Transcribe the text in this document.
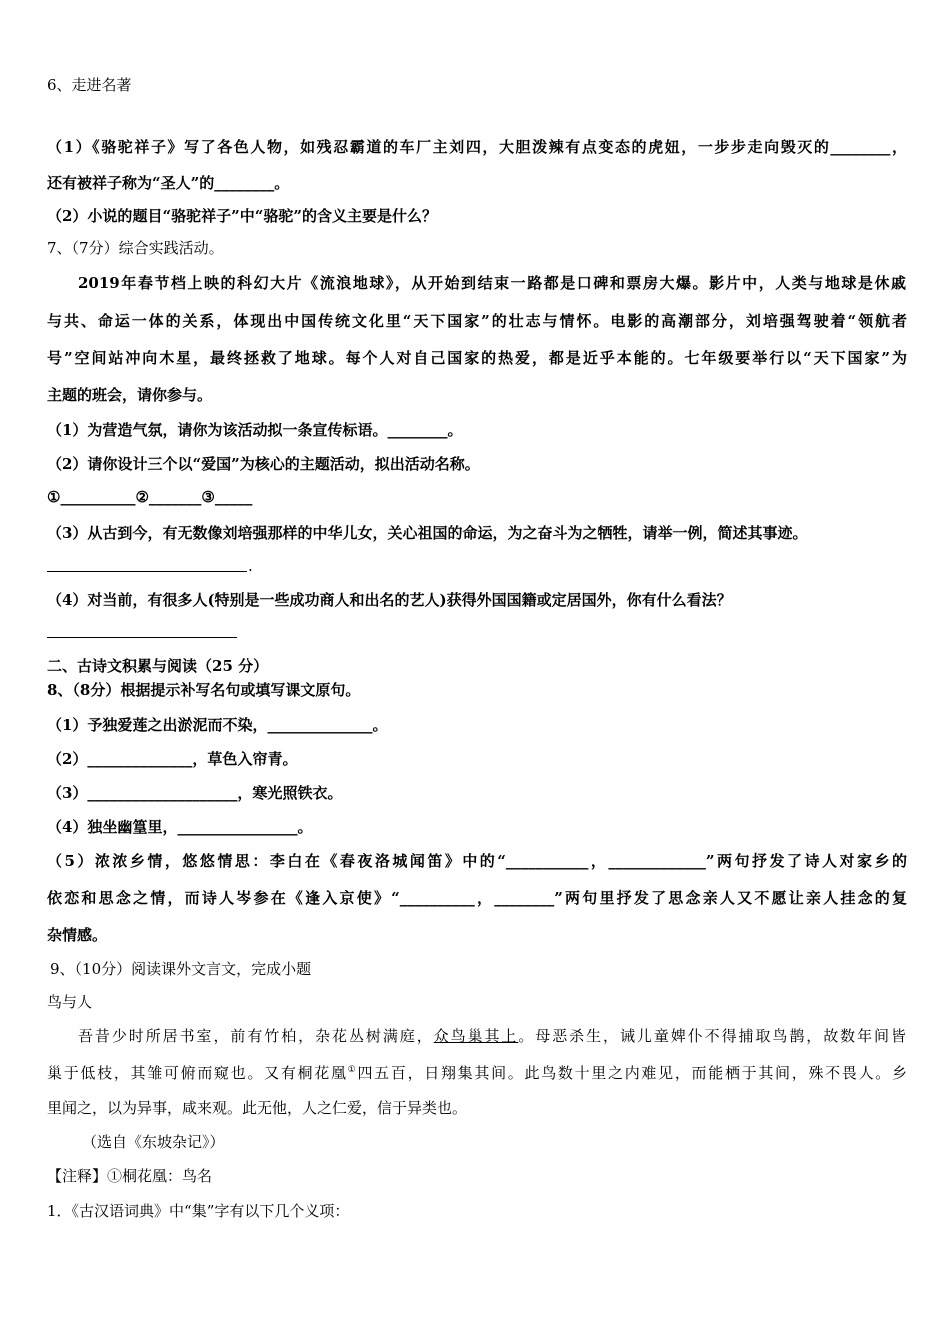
6、走进名著
（1）《骆驼祥子》写了各色人物，如残忍霸道的车厂主刘四，大胆泼辣有点变态的虎妞，一步步走向毁灭的________，
还有被祥子称为“圣人”的________。
（2）小说的题目“骆驼祥子”中“骆驼”的含义主要是什么？
7、（7分）综合实践活动。
2019年春节档上映的科幻大片《流浪地球》，从开始到结束一路都是口碑和票房大爆。影片中，人类与地球是休戚
与共、命运一体的关系，体现出中国传统文化里“天下国家”的壮志与情怀。电影的高潮部分，刘培强驾驶着“领航者
号”空间站冲向木星，最终拯救了地球。每个人对自己国家的热爱，都是近乎本能的。七年级要举行以“天下国家”为
主题的班会，请你参与。
（1）为营造气氛，请你为该活动拟一条宣传标语。________。
（2）请你设计三个以“爱国”为核心的主题活动，拟出活动名称。
①__________②_______③_____
（3）从古到今，有无数像刘培强那样的中华儿女，关心祖国的命运，为之奋斗为之牺牲，请举一例，简述其事迹。
.
（4）对当前，有很多人(特别是一些成功商人和出名的艺人)获得外国国籍或定居国外，你有什么看法？
二、古诗文积累与阅读（25 分）
8、（8分）根据提示补写名句或填写课文原句。
（1）予独爱莲之出淤泥而不染，______________。
（2）______________，草色入帘青。
（3）____________________，寒光照铁衣。
（4）独坐幽篁里，________________。
（5）浓浓乡情，悠悠情思：李白在《春夜洛城闻笛》中的“___________，_____________”两句抒发了诗人对家乡的
依恋和思念之情，而诗人岑参在《逢入京使》“__________，________”两句里抒发了思念亲人又不愿让亲人挂念的复
杂情感。
9、（10分）阅读课外文言文，完成小题
鸟与人
吾昔少时所居书室，前有竹柏，杂花丛树满庭，众鸟巢其上。母恶杀生，诫儿童婢仆不得捕取鸟鹊，故数年间皆
巢于低枝，其雏可俯而窥也。又有桐花凰①四五百，日翔集其间。此鸟数十里之内难见，而能栖于其间，殊不畏人。乡
里闻之，以为异事，咸来观。此无他，人之仁爱，信于异类也。
（选自《东坡杂记》）
【注释】①桐花凰：鸟名
1．《古汉语词典》中“集”字有以下几个义项：
